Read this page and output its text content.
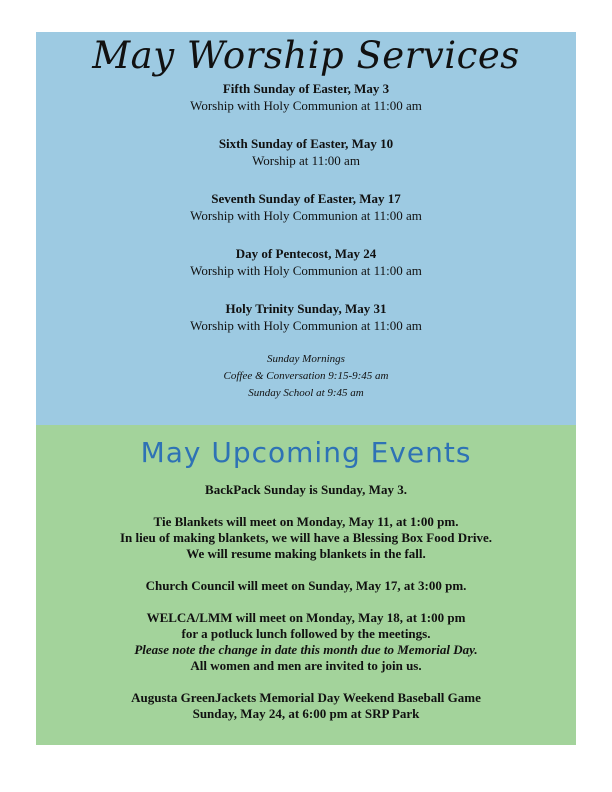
May Worship Services
Fifth Sunday of Easter, May 3
Worship with Holy Communion at 11:00 am
Sixth Sunday of Easter, May 10
Worship at 11:00 am
Seventh Sunday of Easter, May 17
Worship with Holy Communion at 11:00 am
Day of Pentecost, May 24
Worship with Holy Communion at 11:00 am
Holy Trinity Sunday, May 31
Worship with Holy Communion at 11:00 am
Sunday Mornings
Coffee & Conversation 9:15-9:45 am
Sunday School at 9:45 am
May Upcoming Events
BackPack Sunday is Sunday, May 3.
Tie Blankets will meet on Monday, May 11, at 1:00 pm.
In lieu of making blankets, we will have a Blessing Box Food Drive.
We will resume making blankets in the fall.
Church Council will meet on Sunday, May 17, at 3:00 pm.
WELCA/LMM will meet on Monday, May 18, at 1:00 pm
for a potluck lunch followed by the meetings.
Please note the change in date this month due to Memorial Day.
All women and men are invited to join us.
Augusta GreenJackets Memorial Day Weekend Baseball Game
Sunday, May 24, at 6:00 pm at SRP Park
